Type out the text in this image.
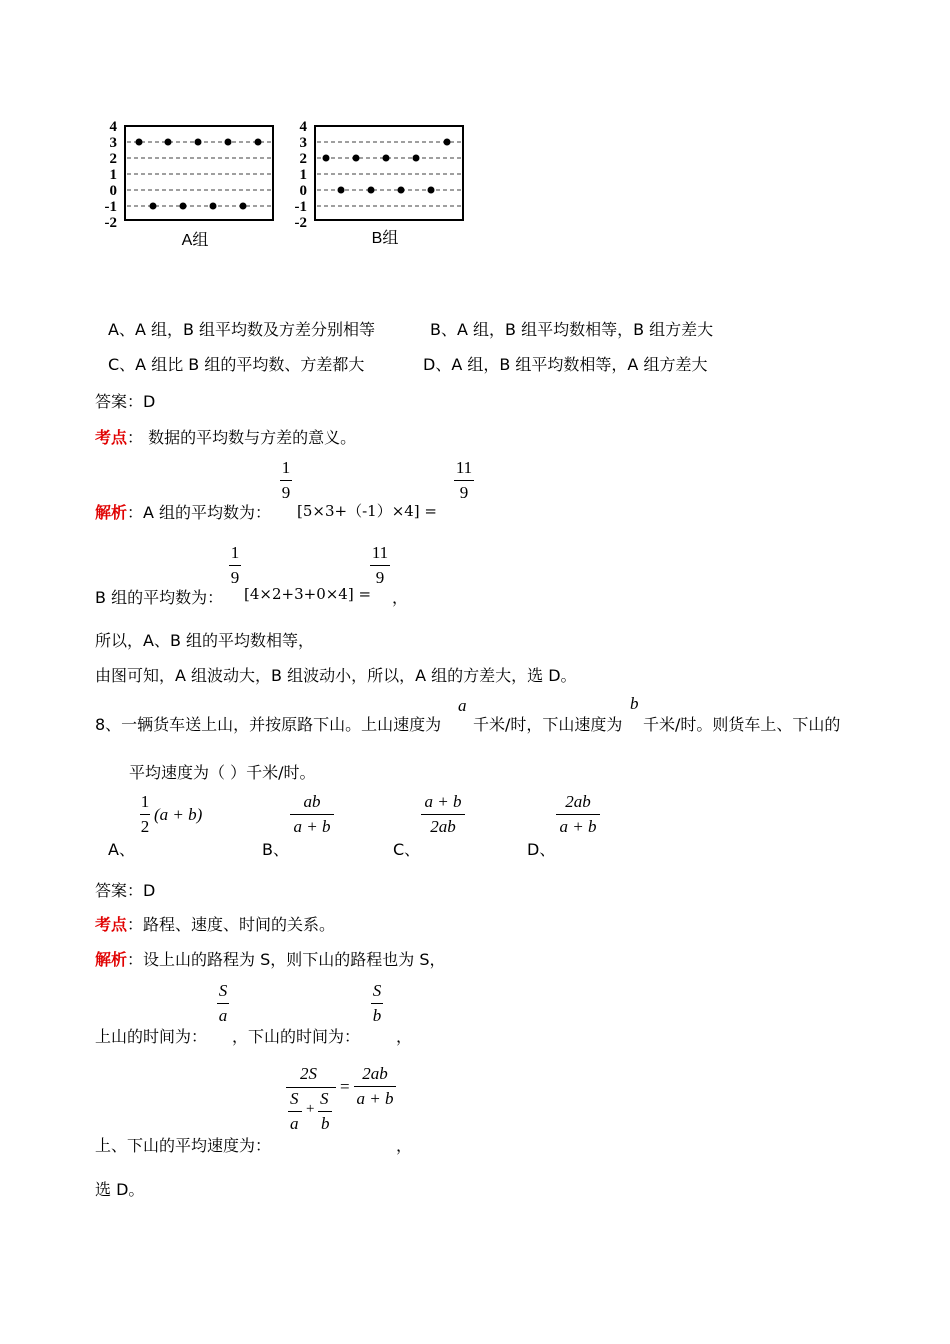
4
3
2
1
0
-1
-2
A组
4
3
2
1
0
-1
-2
B组
A、A 组，B 组平均数及方差分别相等	B、A 组，B 组平均数相等，B 组方差大
C、A 组比 B 组的平均数、方差都大	D、A 组，B 组平均数相等，A 组方差大
答案：D
考点： 数据的平均数与方差的意义。
解析：A 组的平均数为：
1
9
[5×3+（-1）×4] =
11
9
B 组的平均数为：
1
9
[4×2+3+0×4] =
11
9
，
所以，A、B 组的平均数相等，
由图可知，A 组波动大，B 组波动小，所以，A 组的方差大，选 D。
8、一辆货车送上山，并按原路下山。上山速度为
a
千米/时，下山速度为
b
千米/时。则货车上、下山的
平均速度为（ ）千米/时。
A、
1
2
(a + b)
B、
ab
a + b
C、
a + b
2ab
D、
2ab
a + b
答案：D
考点：路程、速度、时间的关系。
解析：设上山的路程为 S，则下山的路程也为 S，
上山的时间为：
S
a
，下山的时间为：
S
b
，
上、下山的平均速度为：
2S
S
a
+
S
b
=
2ab
a + b
，
选 D。
